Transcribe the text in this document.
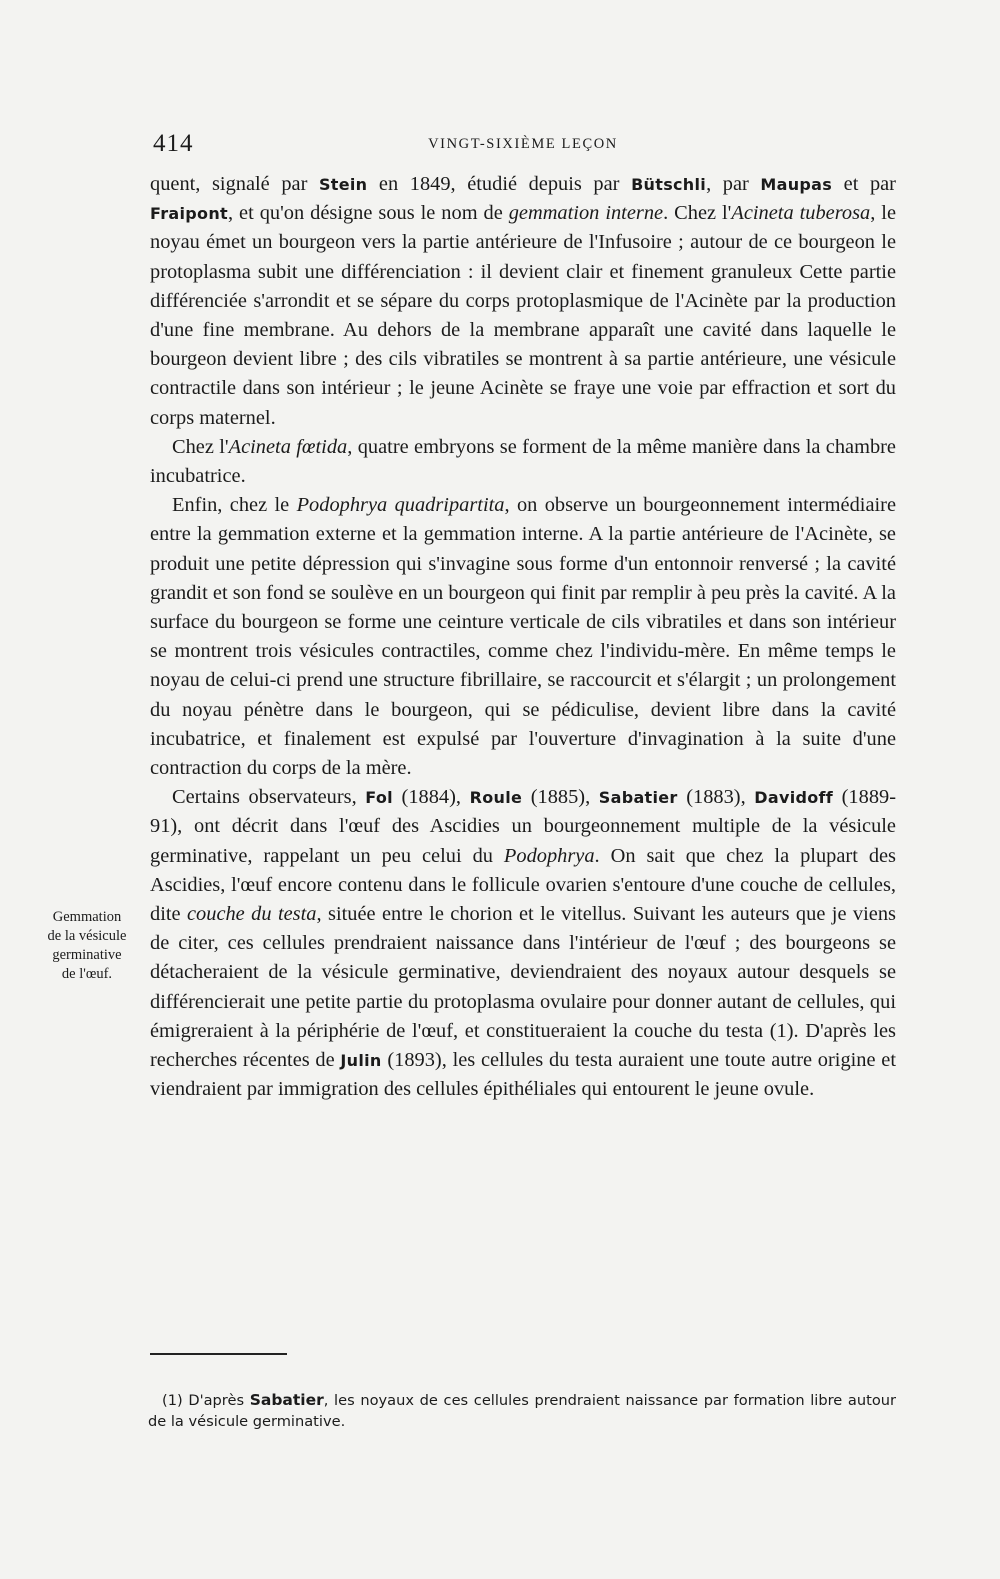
414	VINGT-SIXIÈME LEÇON

quent, signalé par Stein en 1849, étudié depuis par Bütschli, par Maupas et par Fraipont, et qu'on désigne sous le nom de gemmation interne. Chez l'Acineta tuberosa, le noyau émet un bourgeon vers la partie antérieure de l'Infusoire ; autour de ce bourgeon le protoplasma subit une différenciation : il devient clair et finement granuleux Cette partie différenciée s'arrondit et se sépare du corps protoplasmique de l'Acinète par la production d'une fine membrane. Au dehors de la membrane apparaît une cavité dans laquelle le bourgeon devient libre ; des cils vibratiles se montrent à sa partie antérieure, une vésicule contractile dans son intérieur ; le jeune Acinète se fraye une voie par effraction et sort du corps maternel.

Chez l'Acineta fœtida, quatre embryons se forment de la même manière dans la chambre incubatrice.

Enfin, chez le Podophrya quadripartita, on observe un bourgeonnement intermédiaire entre la gemmation externe et la gemmation interne. A la partie antérieure de l'Acinète, se produit une petite dépression qui s'invagine sous forme d'un entonnoir renversé ; la cavité grandit et son fond se soulève en un bourgeon qui finit par remplir à peu près la cavité. A la surface du bourgeon se forme une ceinture verticale de cils vibratiles et dans son intérieur se montrent trois vésicules contractiles, comme chez l'individu-mère. En même temps le noyau de celui-ci prend une structure fibrillaire, se raccourcit et s'élargit ; un prolongement du noyau pénètre dans le bourgeon, qui se pédiculise, devient libre dans la cavité incubatrice, et finalement est expulsé par l'ouverture d'invagination à la suite d'une contraction du corps de la mère.

Certains observateurs, Fol (1884), Roule (1885), Sabatier (1883), Davidoff (1889-91), ont décrit dans l'œuf des Ascidies un bourgeonnement multiple de la vésicule germinative, rappelant un peu celui du Podophrya. On sait que chez la plupart des Ascidies, l'œuf encore contenu dans le follicule ovarien s'entoure d'une couche de cellules, dite couche du testa, située entre le chorion et le vitellus. Suivant les auteurs que je viens de citer, ces cellules prendraient naissance dans l'intérieur de l'œuf ; des bourgeons se détacheraient de la vésicule germinative, deviendraient des noyaux autour desquels se différencierait une petite partie du protoplasma ovulaire pour donner autant de cellules, qui émigreraient à la périphérie de l'œuf, et constitueraient la couche du testa (1). D'après les recherches récentes de Julin (1893), les cellules du testa auraient une toute autre origine et viendraient par immigration des cellules épithéliales qui entourent le jeune ovule.

Gemmation
de la vésicule
germinative
de l'œuf.

(1) D'après Sabatier, les noyaux de ces cellules prendraient naissance par formation libre autour de la vésicule germinative.
